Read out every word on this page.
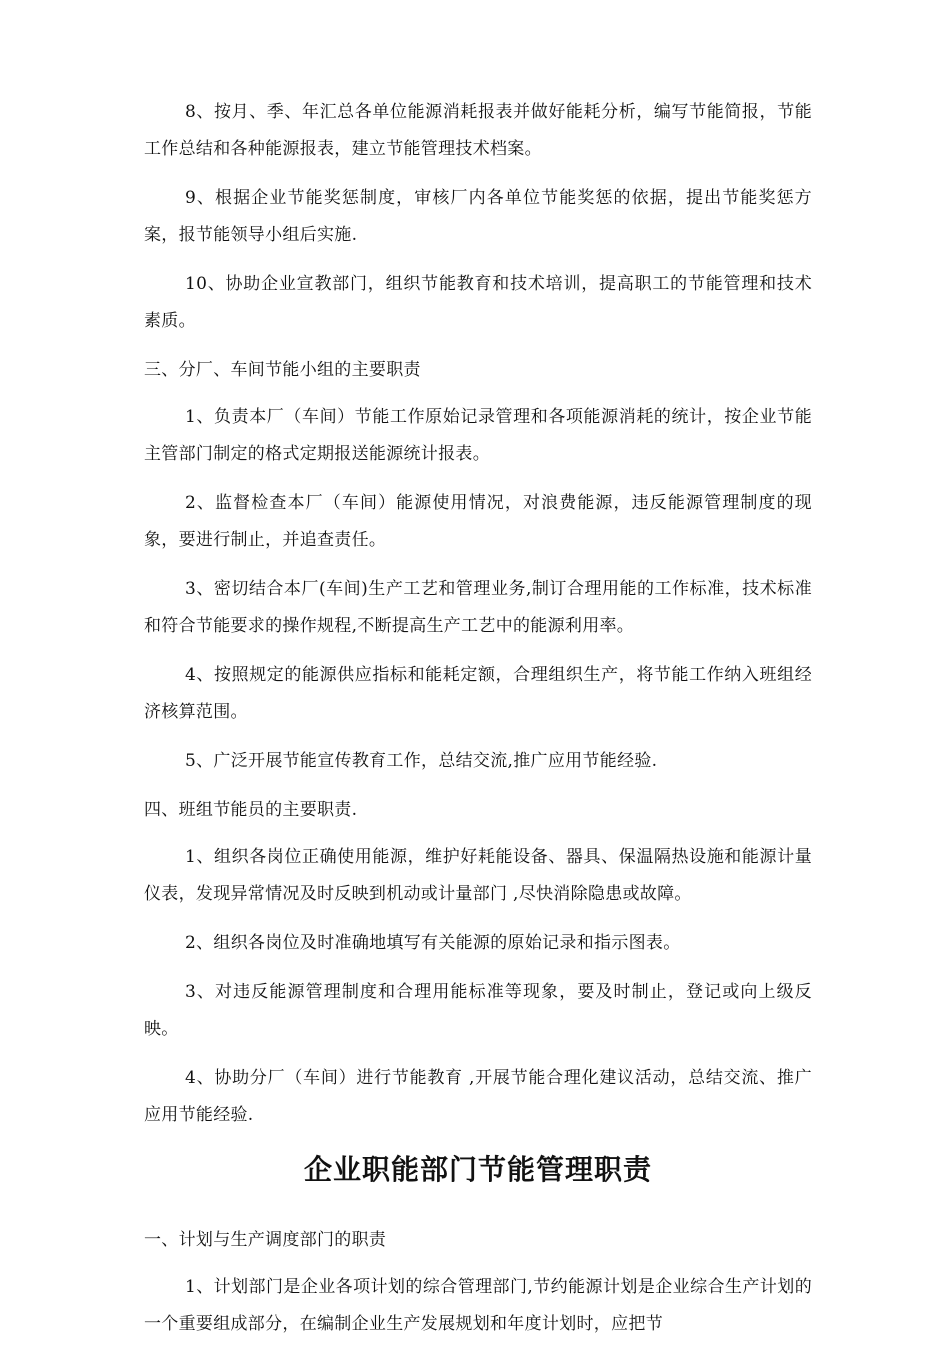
8、按月、季、年汇总各单位能源消耗报表并做好能耗分析，编写节能简报，节能工作总结和各种能源报表，建立节能管理技术档案。

9、根据企业节能奖惩制度，审核厂内各单位节能奖惩的依据，提出节能奖惩方案，报节能领导小组后实施.

10、协助企业宣教部门，组织节能教育和技术培训，提高职工的节能管理和技术素质。

三、分厂、车间节能小组的主要职责

1、负责本厂（车间）节能工作原始记录管理和各项能源消耗的统计，按企业节能主管部门制定的格式定期报送能源统计报表。

2、监督检查本厂（车间）能源使用情况，对浪费能源，违反能源管理制度的现象，要进行制止，并追查责任。

3、密切结合本厂(车间)生产工艺和管理业务,制订合理用能的工作标准，技术标准和符合节能要求的操作规程,不断提高生产工艺中的能源利用率。

4、按照规定的能源供应指标和能耗定额，合理组织生产，将节能工作纳入班组经济核算范围。

5、广泛开展节能宣传教育工作，总结交流,推广应用节能经验.

四、班组节能员的主要职责.

1、组织各岗位正确使用能源，维护好耗能设备、器具、保温隔热设施和能源计量仪表，发现异常情况及时反映到机动或计量部门 ,尽快消除隐患或故障。

2、组织各岗位及时准确地填写有关能源的原始记录和指示图表。

3、对违反能源管理制度和合理用能标准等现象，要及时制止，登记或向上级反映。

4、协助分厂（车间）进行节能教育 ,开展节能合理化建议活动，总结交流、推广应用节能经验.

企业职能部门节能管理职责

一、计划与生产调度部门的职责

1、计划部门是企业各项计划的综合管理部门,节约能源计划是企业综合生产计划的一个重要组成部分，在编制企业生产发展规划和年度计划时，应把节
